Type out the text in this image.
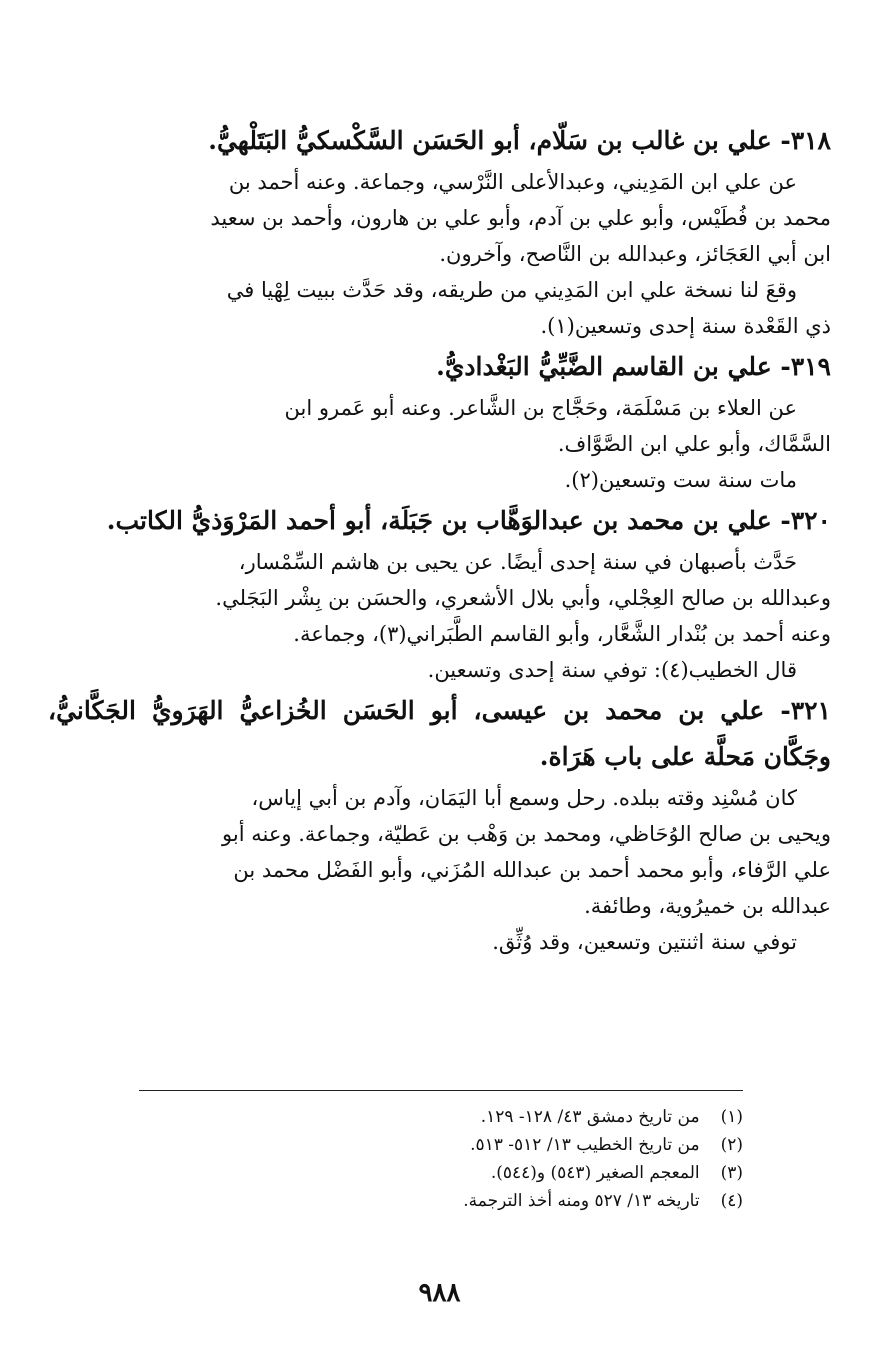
٣١٨- علي بن غالب بن سَلّام، أبو الحَسَن السَّكْسكيُّ البَتَلْهيُّ.

عن علي ابن المَدِيني، وعبدالأعلى النَّرْسي، وجماعة. وعنه أحمد بن

محمد بن فُطَيْس، وأبو علي بن آدم، وأبو علي بن هارون، وأحمد بن سعيد

ابن أبي العَجَائز، وعبدالله بن النَّاصح، وآخرون.

وقعَ لنا نسخة علي ابن المَدِيني من طريقه، وقد حَدَّث ببيت لِهْيا في

ذي القَعْدة سنة إحدى وتسعين(١).

٣١٩- علي بن القاسم الضَّبِّيُّ البَغْداديُّ.

عن العلاء بن مَسْلَمَة، وحَجَّاج بن الشَّاعر. وعنه أبو عَمرو ابن

السَّمَّاك، وأبو علي ابن الصَّوَّاف.

مات سنة ست وتسعين(٢).

٣٢٠- علي بن محمد بن عبدالوَهَّاب بن جَبَلَة، أبو أحمد المَرْوَذيُّ الكاتب.

حَدَّث بأصبهان في سنة إحدى أيضًا. عن يحيى بن هاشم السِّمْسار،

وعبدالله بن صالح العِجْلي، وأبي بلال الأشعري، والحسَن بن بِشْر البَجَلي.

وعنه أحمد بن بُنْدار الشَّعَّار، وأبو القاسم الطَّبَراني(٣)، وجماعة.

قال الخطيب(٤): توفي سنة إحدى وتسعين.

٣٢١- علي بن محمد بن عيسى، أبو الحَسَن الخُزاعيُّ الهَرَويُّ الجَكَّانيُّ، وجَكَّان مَحلَّة على باب هَرَاة.

كان مُسْنِد وقته ببلده. رحل وسمع أبا اليَمَان، وآدم بن أبي إياس،

ويحيى بن صالح الوُحَاظي، ومحمد بن وَهْب بن عَطيّة، وجماعة. وعنه أبو

علي الرَّفاء، وأبو محمد أحمد بن عبدالله المُزَني، وأبو الفَضْل محمد بن

عبدالله بن خميرُوية، وطائفة.

توفي سنة اثنتين وتسعين، وقد وُثِّق.

(١) من تاريخ دمشق ٤٣/ ١٢٨- ١٢٩.

(٢) من تاريخ الخطيب ١٣/ ٥١٢- ٥١٣.

(٣) المعجم الصغير (٥٤٣) و(٥٤٤).

(٤) تاريخه ١٣/ ٥٢٧ ومنه أخذ الترجمة.

٩٨٨
